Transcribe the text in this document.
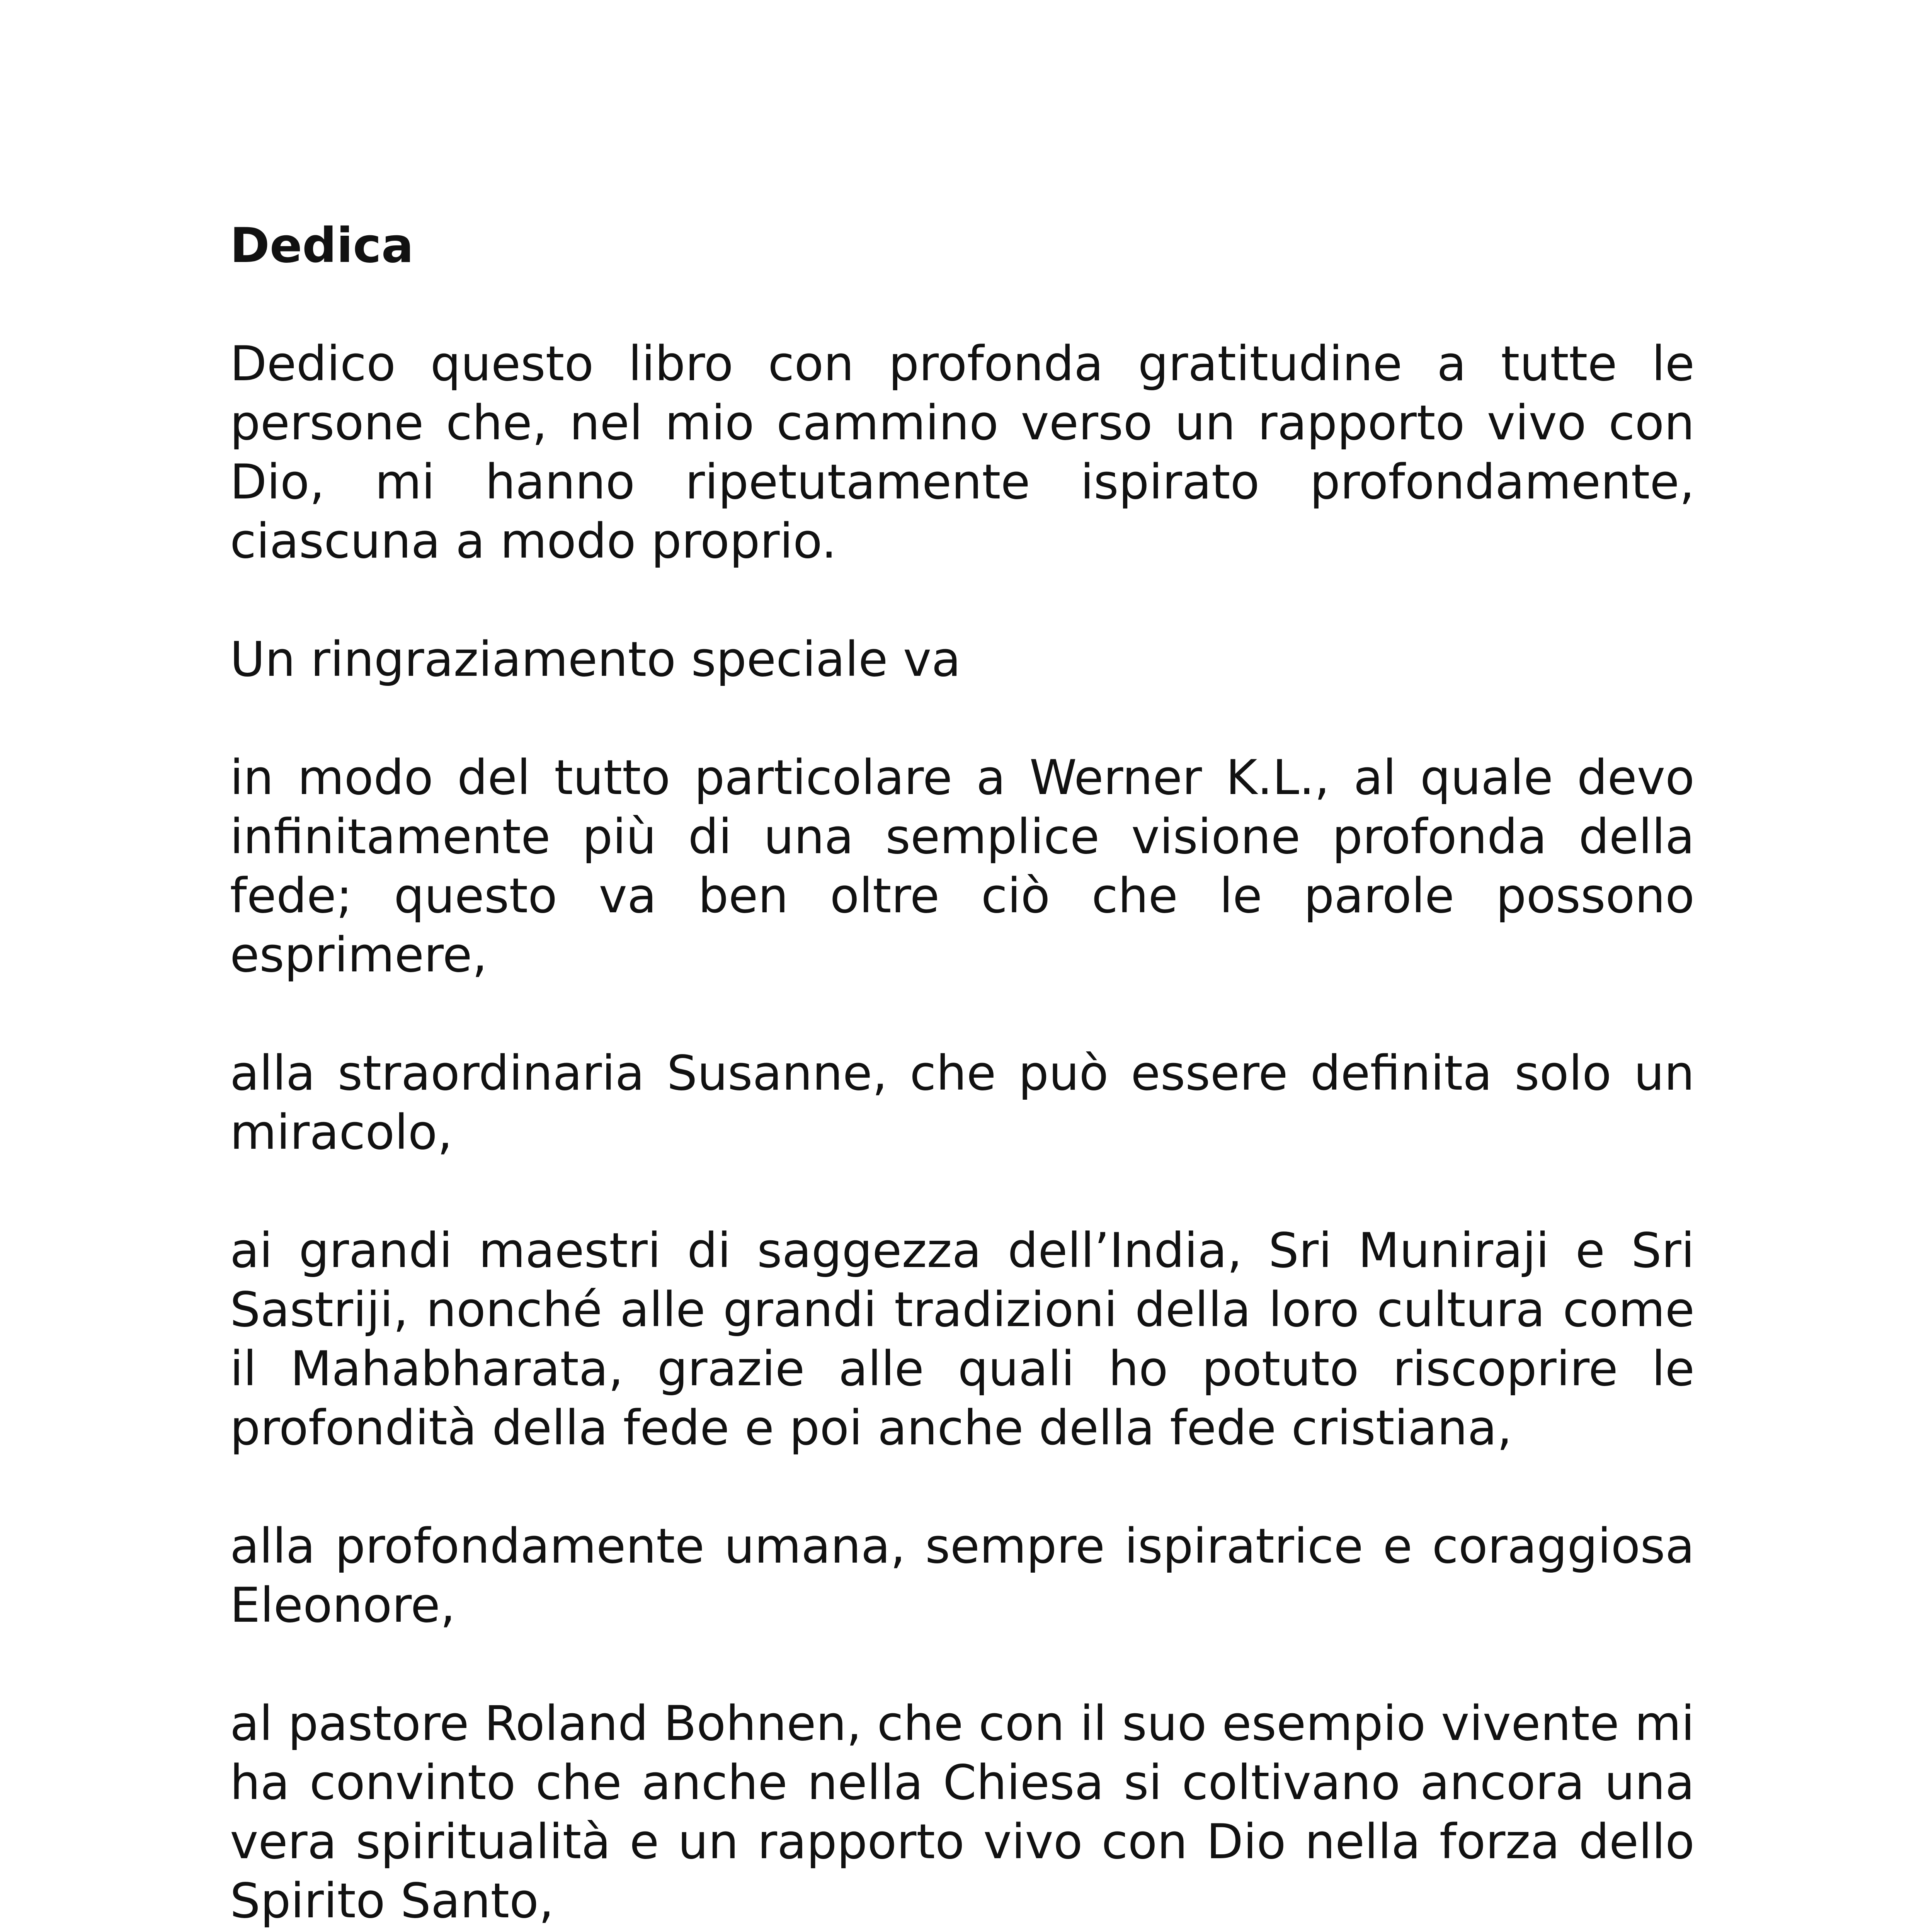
Dedica

Dedico questo libro con profonda gratitudine a tutte le persone che, nel mio cammino verso un rapporto vivo con Dio, mi hanno ripetutamente ispirato profondamente, ciascuna a modo proprio.

Un ringraziamento speciale va

in modo del tutto particolare a Werner K.L., al quale devo infinitamente più di una semplice visione profonda della fede; questo va ben oltre ciò che le parole possono esprimere,

alla straordinaria Susanne, che può essere definita solo un miracolo,

ai grandi maestri di saggezza dell’India, Sri Muniraji e Sri Sastriji, nonché alle grandi tradizioni della loro cultura come il Mahabharata, grazie alle quali ho potuto riscoprire le profondità della fede e poi anche della fede cristiana,

alla profondamente umana, sempre ispiratrice e coraggiosa Eleonore,

al pastore Roland Bohnen, che con il suo esempio vivente mi ha convinto che anche nella Chiesa si coltivano ancora una vera spiritualità e un rapporto vivo con Dio nella forza dello Spirito Santo,
